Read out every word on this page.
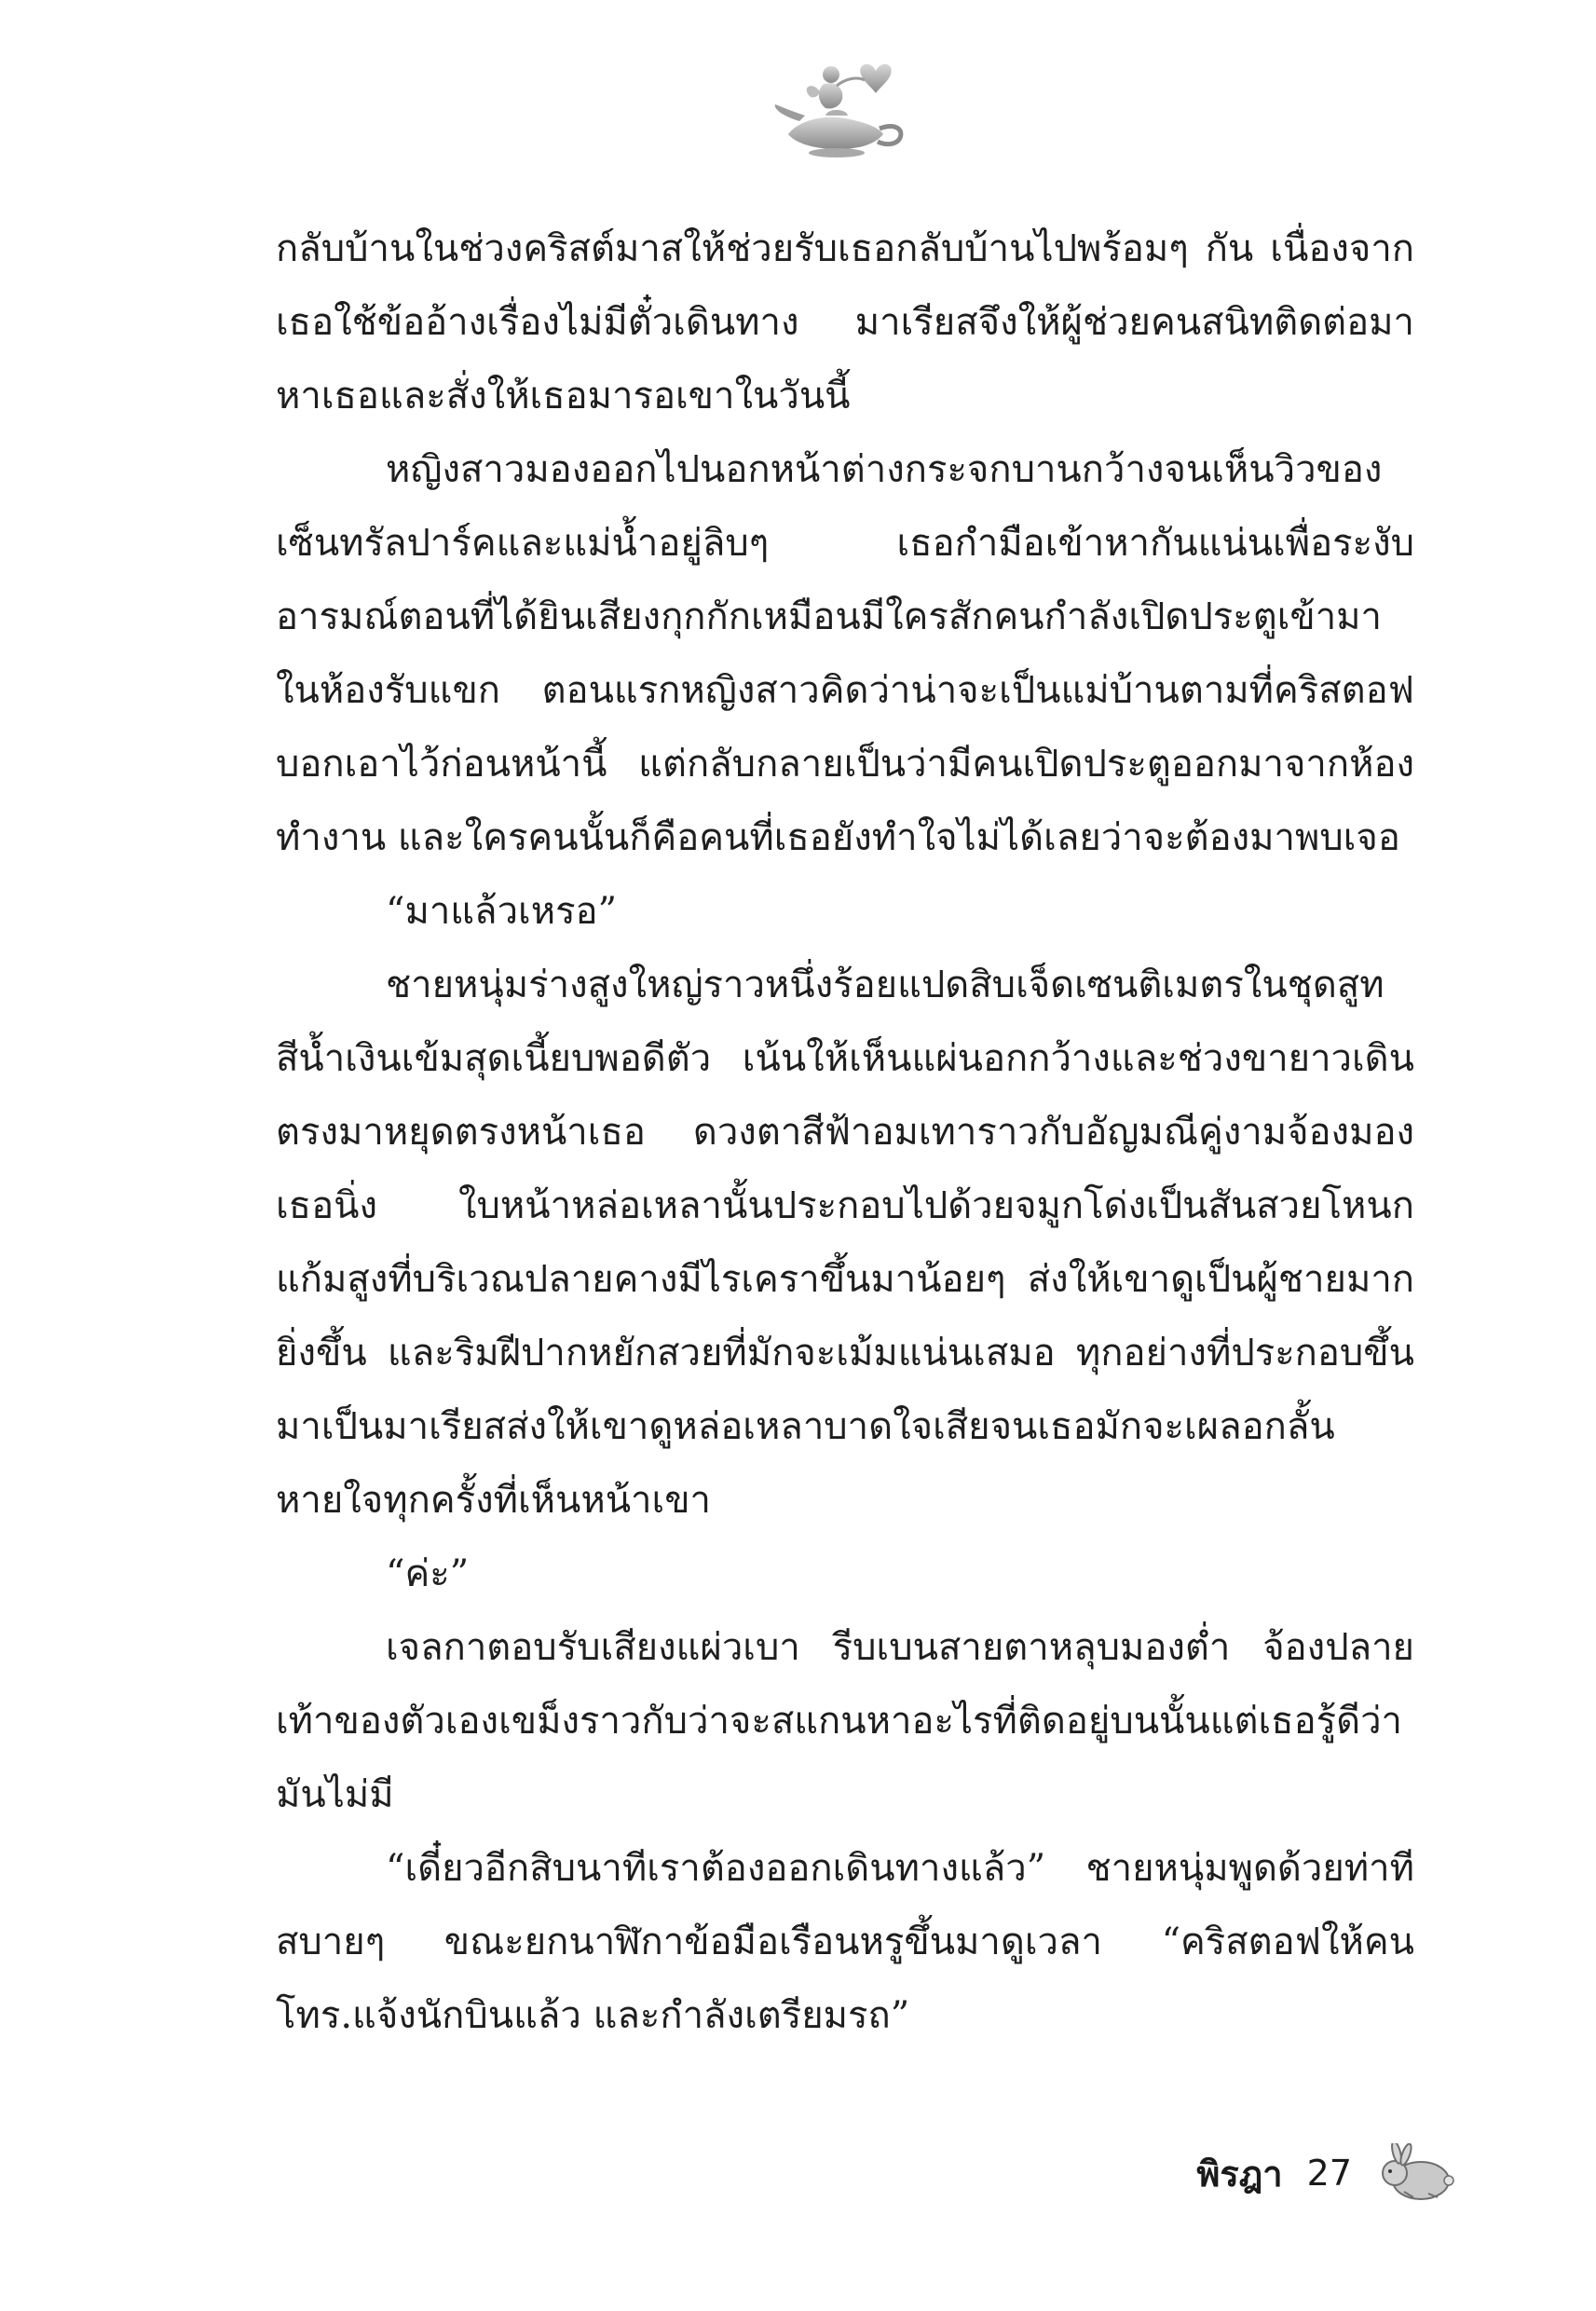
กลับบ้านในช่วงคริสต์มาสให้ช่วยรับเธอกลับบ้านไปพร้อมๆ กัน เนื่องจากเธอใช้ข้ออ้างเรื่องไม่มีตั๋วเดินทาง มาเรียสจึงให้ผู้ช่วยคนสนิทติดต่อมาหาเธอและสั่งให้เธอมารอเขาในวันนี้

หญิงสาวมองออกไปนอกหน้าต่างกระจกบานกว้างจนเห็นวิวของเซ็นทรัลปาร์คและแม่น้ำอยู่ลิบๆ เธอกำมือเข้าหากันแน่นเพื่อระงับอารมณ์ตอนที่ได้ยินเสียงกุกกักเหมือนมีใครสักคนกำลังเปิดประตูเข้ามาในห้องรับแขก ตอนแรกหญิงสาวคิดว่าน่าจะเป็นแม่บ้านตามที่คริสตอฟบอกเอาไว้ก่อนหน้านี้ แต่กลับกลายเป็นว่ามีคนเปิดประตูออกมาจากห้องทำงาน และใครคนนั้นก็คือคนที่เธอยังทำใจไม่ได้เลยว่าจะต้องมาพบเจอ

“มาแล้วเหรอ”

ชายหนุ่มร่างสูงใหญ่ราวหนึ่งร้อยแปดสิบเจ็ดเซนติเมตรในชุดสูทสีน้ำเงินเข้มสุดเนี้ยบพอดีตัว เน้นให้เห็นแผ่นอกกว้างและช่วงขายาวเดินตรงมาหยุดตรงหน้าเธอ ดวงตาสีฟ้าอมเทาราวกับอัญมณีคู่งามจ้องมองเธอนิ่ง ใบหน้าหล่อเหลานั้นประกอบไปด้วยจมูกโด่งเป็นสันสวยโหนกแก้มสูงที่บริเวณปลายคางมีไรเคราขึ้นมาน้อยๆ ส่งให้เขาดูเป็นผู้ชายมากยิ่งขึ้น และริมฝีปากหยักสวยที่มักจะเม้มแน่นเสมอ ทุกอย่างที่ประกอบขึ้นมาเป็นมาเรียสส่งให้เขาดูหล่อเหลาบาดใจเสียจนเธอมักจะเผลอกลั้นหายใจทุกครั้งที่เห็นหน้าเขา

“ค่ะ”

เจลกาตอบรับเสียงแผ่วเบา รีบเบนสายตาหลุบมองต่ำ จ้องปลายเท้าของตัวเองเขม็งราวกับว่าจะสแกนหาอะไรที่ติดอยู่บนนั้นแต่เธอรู้ดีว่ามันไม่มี

“เดี๋ยวอีกสิบนาทีเราต้องออกเดินทางแล้ว” ชายหนุ่มพูดด้วยท่าทีสบายๆ ขณะยกนาฬิกาข้อมือเรือนหรูขึ้นมาดูเวลา “คริสตอฟให้คนโทร.แจ้งนักบินแล้ว และกำลังเตรียมรถ”

พิรฎา 27
